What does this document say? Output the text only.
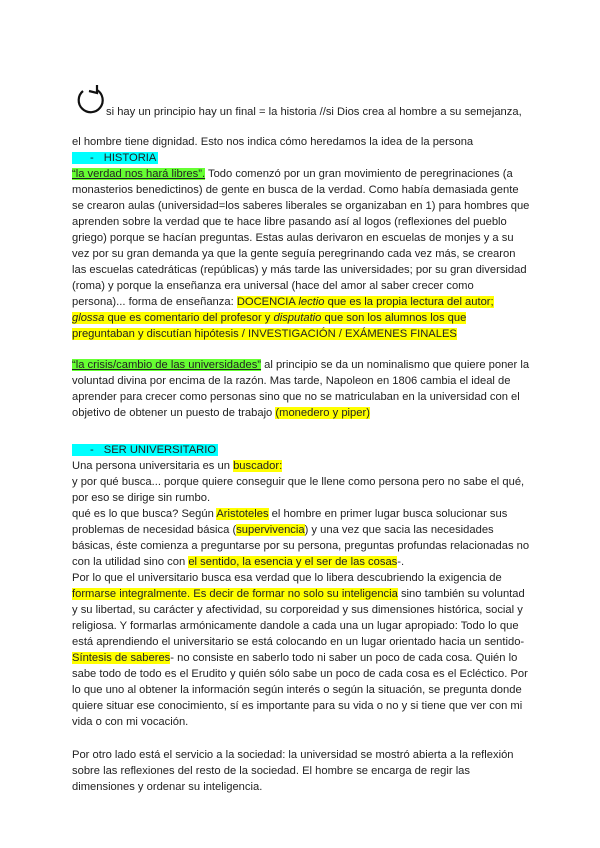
si hay un principio hay un final = la historia //si Dios crea al hombre a su semejanza,
el hombre tiene dignidad. Esto nos indica cómo heredamos la idea de la persona
- HISTORIA
“la verdad nos hará libres”. Todo comenzó por un gran movimiento de peregrinaciones (a
monasterios benedictinos) de gente en busca de la verdad. Como había demasiada gente
se crearon aulas (universidad=los saberes liberales se organizaban en 1) para hombres que
aprenden sobre la verdad que te hace libre pasando así al logos (reflexiones del pueblo
griego) porque se hacían preguntas. Estas aulas derivaron en escuelas de monjes y a su
vez por su gran demanda ya que la gente seguía peregrinando cada vez más, se crearon
las escuelas catedráticas (repúblicas) y más tarde las universidades; por su gran diversidad
(roma) y porque la enseñanza era universal (hace del amor al saber crecer como
persona)... forma de enseñanza: DOCENCIA lectio que es la propia lectura del autor;
glossa que es comentario del profesor y disputatio que son los alumnos los que
preguntaban y discutían hipótesis / INVESTIGACIÓN / EXÁMENES FINALES
“la crisis/cambio de las universidades” al principio se da un nominalismo que quiere poner la
voluntad divina por encima de la razón. Mas tarde, Napoleon en 1806 cambia el ideal de
aprender para crecer como personas sino que no se matriculaban en la universidad con el
objetivo de obtener un puesto de trabajo (monedero y piper)
- SER UNIVERSITARIO
Una persona universitaria es un buscador:
y por qué busca... porque quiere conseguir que le llene como persona pero no sabe el qué,
por eso se dirige sin rumbo.
qué es lo que busca? Según Aristoteles el hombre en primer lugar busca solucionar sus
problemas de necesidad básica (supervivencia) y una vez que sacia las necesidades
básicas, éste comienza a preguntarse por su persona, preguntas profundas relacionadas no
con la utilidad sino con el sentido, la esencia y el ser de las cosas-.
Por lo que el universitario busca esa verdad que lo libera descubriendo la exigencia de
formarse integralmente. Es decir de formar no solo su inteligencia sino también su voluntad
y su libertad, su carácter y afectividad, su corporeidad y sus dimensiones histórica, social y
religiosa. Y formarlas armónicamente dandole a cada una un lugar apropiado: Todo lo que
está aprendiendo el universitario se está colocando en un lugar orientado hacia un sentido-
Síntesis de saberes- no consiste en saberlo todo ni saber un poco de cada cosa. Quién lo
sabe todo de todo es el Erudito y quién sólo sabe un poco de cada cosa es el Ecléctico. Por
lo que uno al obtener la información según interés o según la situación, se pregunta donde
quiere situar ese conocimiento, sí es importante para su vida o no y si tiene que ver con mi
vida o con mi vocación.
Por otro lado está el servicio a la sociedad: la universidad se mostró abierta a la reflexión
sobre las reflexiones del resto de la sociedad. El hombre se encarga de regir las
dimensiones y ordenar su inteligencia.
